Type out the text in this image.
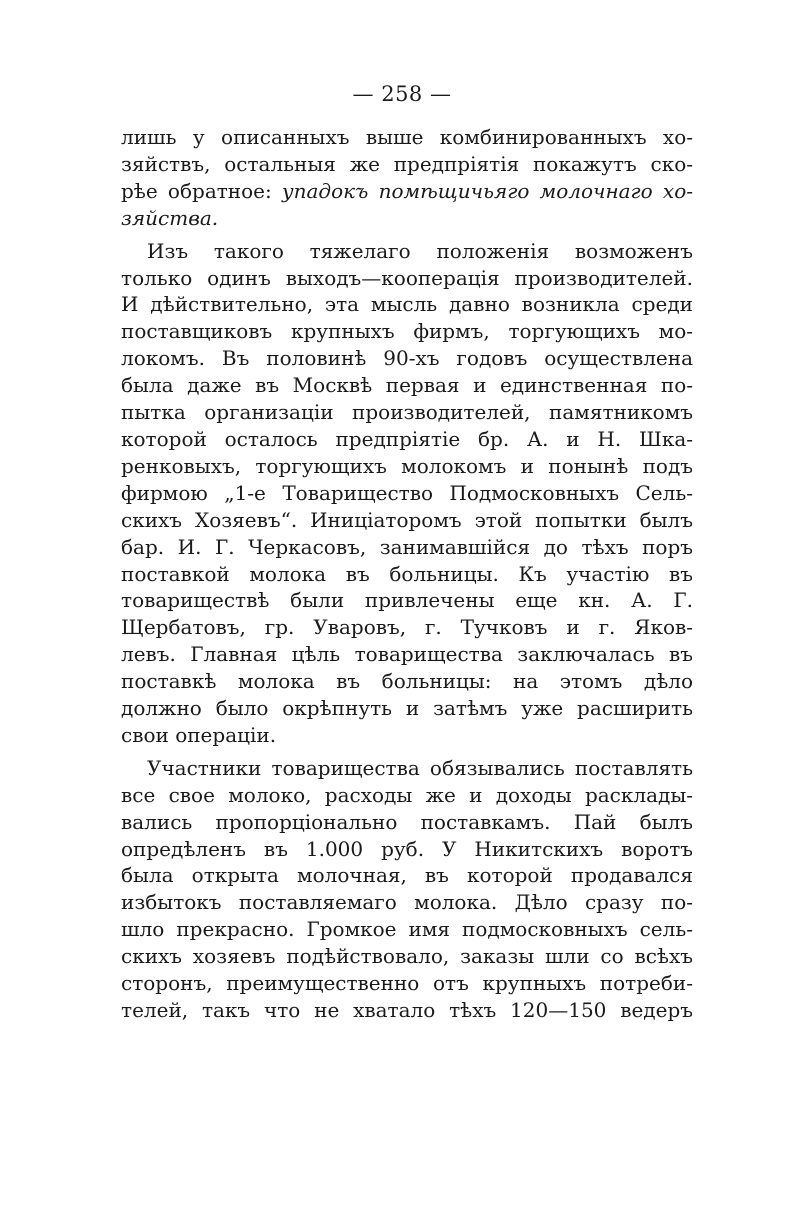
— 258 —
лишь у описанныхъ выше комбинированныхъ хо-
зяйствъ, остальныя же предпріятія покажутъ ско-
рѣе обратное: упадокъ помѣщичьяго молочнаго хо-
зяйства.
Изъ такого тяжелаго положенія возможенъ
только одинъ выходъ—кооперація производителей.
И дѣйствительно, эта мысль давно возникла среди
поставщиковъ крупныхъ фирмъ, торгующихъ мо-
локомъ. Въ половинѣ 90-хъ годовъ осуществлена
была даже въ Москвѣ первая и единственная по-
пытка организаціи производителей, памятникомъ
которой осталось предпріятіе бр. А. и Н. Шка-
ренковыхъ, торгующихъ молокомъ и понынѣ подъ
фирмою „1-е Товарищество Подмосковныхъ Сель-
скихъ Хозяевъ“. Иниціаторомъ этой попытки былъ
бар. И. Г. Черкасовъ, занимавшійся до тѣхъ поръ
поставкой молока въ больницы. Къ участію въ
товариществѣ были привлечены еще кн. А. Г.
Щербатовъ, гр. Уваровъ, г. Тучковъ и г. Яков-
левъ. Главная цѣль товарищества заключалась въ
поставкѣ молока въ больницы: на этомъ дѣло
должно было окрѣпнуть и затѣмъ уже расширить
свои операціи.
Участники товарищества обязывались поставлять
все свое молоко, расходы же и доходы расклады-
вались пропорціонально поставкамъ. Пай былъ
опредѣленъ въ 1.000 руб. У Никитскихъ воротъ
была открыта молочная, въ которой продавался
избытокъ поставляемаго молока. Дѣло сразу по-
шло прекрасно. Громкое имя подмосковныхъ сель-
скихъ хозяевъ подѣйствовало, заказы шли со всѣхъ
сторонъ, преимущественно отъ крупныхъ потреби-
телей, такъ что не хватало тѣхъ 120—150 ведеръ
